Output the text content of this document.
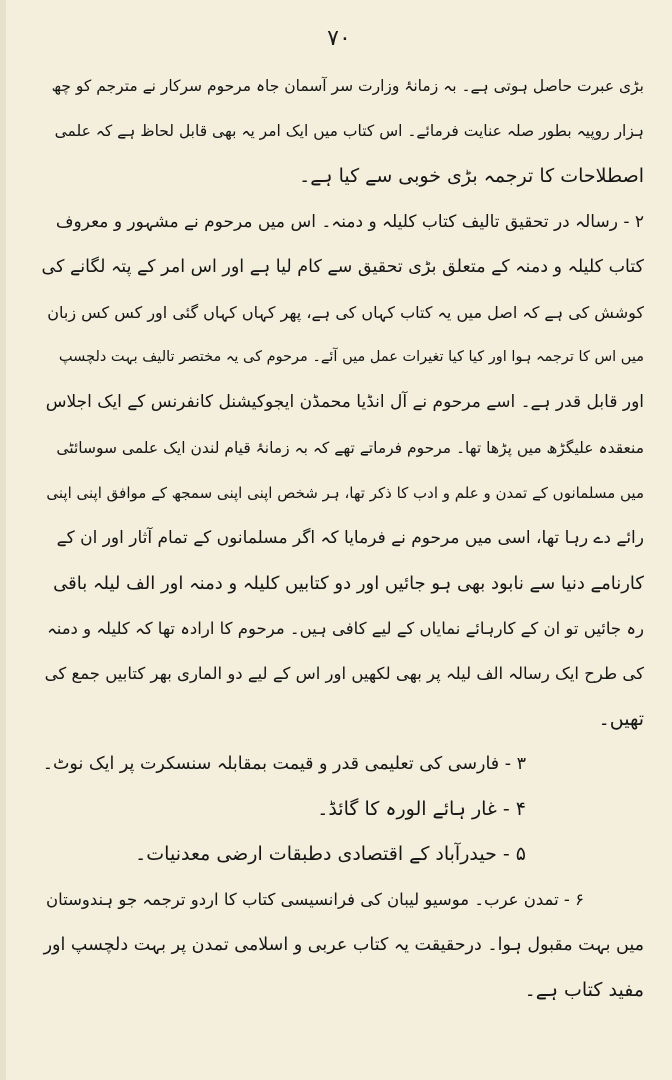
۷۰
بڑی عبرت حاصل ہوتی ہے۔ بہ زمانۂ وزارت سر آسمان جاہ مرحوم سرکار نے مترجم کو چھ
ہزار روپیہ بطور صلہ عنایت فرمائے۔ اس کتاب میں ایک امر یہ بھی قابل لحاظ ہے کہ علمی
اصطلاحات کا ترجمہ بڑی خوبی سے کیا ہے۔
۲ - رسالہ در تحقیق تالیف کتاب کلیلہ و دمنہ۔ اس میں مرحوم نے مشہور و معروف
کتاب کلیلہ و دمنہ کے متعلق بڑی تحقیق سے کام لیا ہے اور اس امر کے پتہ لگانے کی
کوشش کی ہے کہ اصل میں یہ کتاب کہاں کی ہے، پھر کہاں کہاں گئی اور کس کس زبان
میں اس کا ترجمہ ہوا اور کیا کیا تغیرات عمل میں آئے۔ مرحوم کی یہ مختصر تالیف بہت دلچسپ
اور قابل قدر ہے۔ اسے مرحوم نے آل انڈیا محمڈن ایجوکیشنل کانفرنس کے ایک اجلاس
منعقدہ علیگڑھ میں پڑھا تھا۔ مرحوم فرماتے تھے کہ بہ زمانۂ قیام لندن ایک علمی سوسائٹی
میں مسلمانوں کے تمدن و علم و ادب کا ذکر تھا، ہر شخص اپنی اپنی سمجھ کے موافق اپنی اپنی
رائے دے رہا تھا، اسی میں مرحوم نے فرمایا کہ اگر مسلمانوں کے تمام آثار اور ان کے
کارنامے دنیا سے نابود بھی ہو جائیں اور دو کتابیں کلیلہ و دمنہ اور الف لیلہ باقی
رہ جائیں تو ان کے کارہائے نمایاں کے لیے کافی ہیں۔ مرحوم کا ارادہ تھا کہ کلیلہ و دمنہ
کی طرح ایک رسالہ الف لیلہ پر بھی لکھیں اور اس کے لیے دو الماری بھر کتابیں جمع کی
تھیں۔
۳ - فارسی کی تعلیمی قدر و قیمت بمقابلہ سنسکرت پر ایک نوٹ۔
۴ - غار ہائے الورہ کا گائڈ۔
۵ - حیدرآباد کے اقتصادی دطبقات ارضی معدنیات۔
۶ - تمدن عرب۔ موسیو لیبان کی فرانسیسی کتاب کا اردو ترجمہ جو ہندوستان
میں بہت مقبول ہوا۔ درحقیقت یہ کتاب عربی و اسلامی تمدن پر بہت دلچسپ اور
مفید کتاب ہے۔
